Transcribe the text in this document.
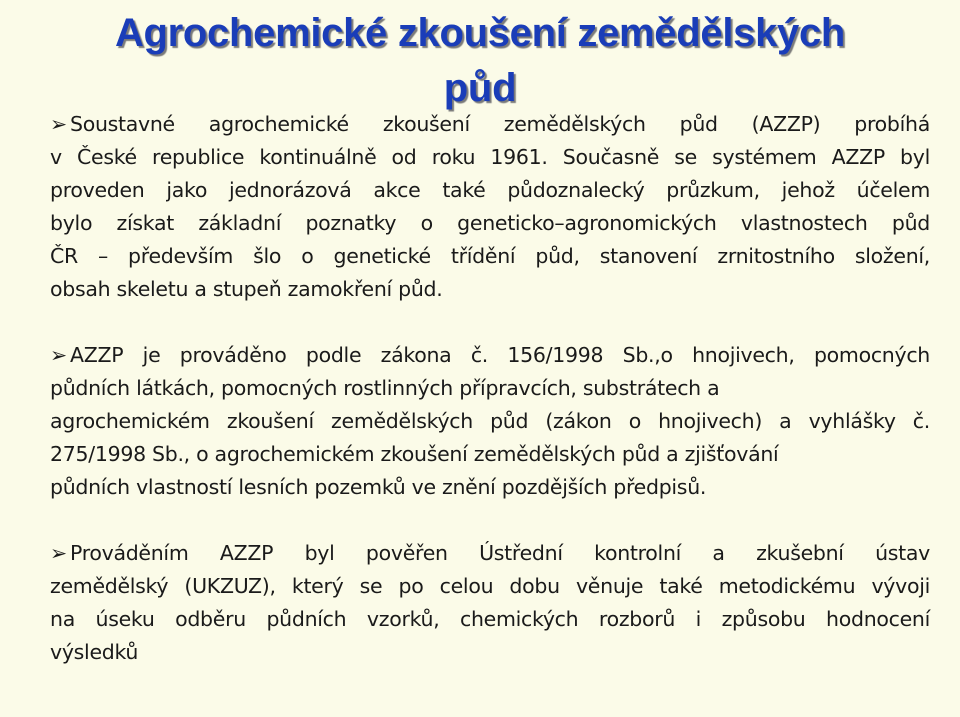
Agrochemické zkoušení zemědělských
půd

➢ Soustavné agrochemické zkoušení zemědělských půd (AZZP) probíhá
v České republice kontinuálně od roku 1961. Současně se systémem AZZP byl
proveden jako jednorázová akce také půdoznalecký průzkum, jehož účelem
bylo získat základní poznatky o geneticko–agronomických vlastnostech půd
ČR – především šlo o genetické třídění půd, stanovení zrnitostního složení,
obsah skeletu a stupeň zamokření půd.

➢ AZZP je prováděno podle zákona č. 156/1998 Sb.,o hnojivech, pomocných
půdních látkách, pomocných rostlinných přípravcích, substrátech a
agrochemickém zkoušení zemědělských půd (zákon o hnojivech) a vyhlášky č.
275/1998 Sb., o agrochemickém zkoušení zemědělských půd a zjišťování
půdních vlastností lesních pozemků ve znění pozdějších předpisů.

➢ Prováděním AZZP byl pověřen Ústřední kontrolní a zkušební ústav
zemědělský (UKZUZ), který se po celou dobu věnuje také metodickému vývoji
na úseku odběru půdních vzorků, chemických rozborů i způsobu hodnocení
výsledků
